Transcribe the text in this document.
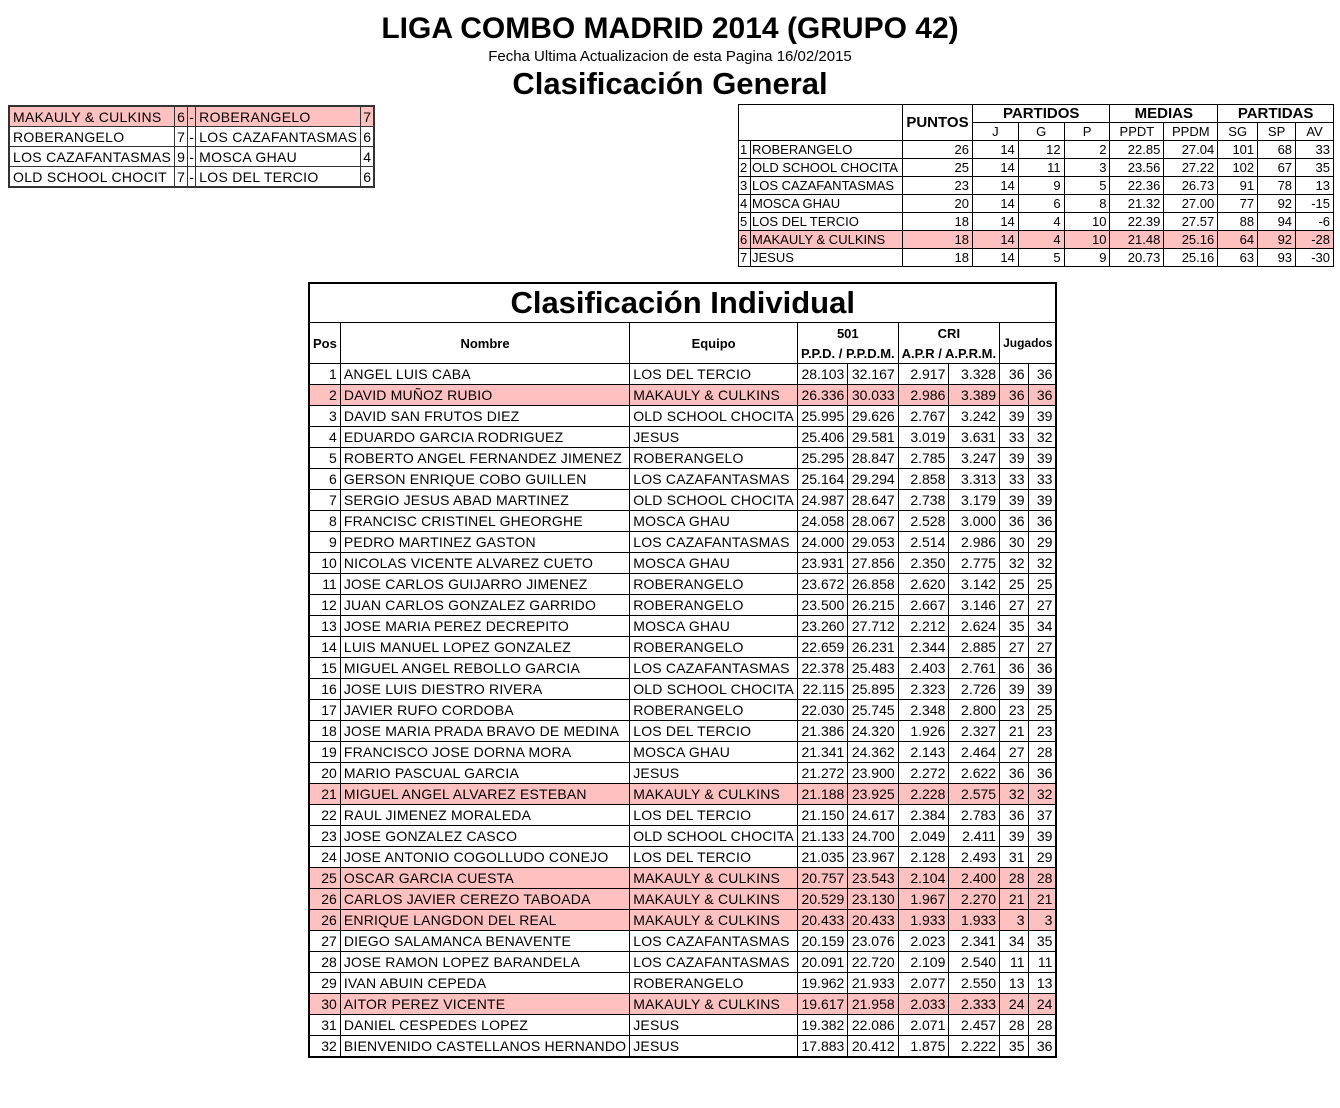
LIGA COMBO MADRID 2014 (GRUPO 42)
Fecha Ultima Actualizacion de esta Pagina 16/02/2015
Clasificación General
MAKAULY & CULKINS	6	-	ROBERANGELO	7
ROBERANGELO	7	-	LOS CAZAFANTASMAS	6
LOS CAZAFANTASMAS	9	-	MOSCA GHAU	4
OLD SCHOOL CHOCIT	7	-	LOS DEL TERCIO	6
		PUNTOS	PARTIDOS			MEDIAS		PARTIDAS		
			J	G	P	PPDT	PPDM	SG	SP	AV
1	ROBERANGELO	26	14	12	2	22.85	27.04	101	68	33
2	OLD SCHOOL CHOCITA	25	14	11	3	23.56	27.22	102	67	35
3	LOS CAZAFANTASMAS	23	14	9	5	22.36	26.73	91	78	13
4	MOSCA GHAU	20	14	6	8	21.32	27.00	77	92	-15
5	LOS DEL TERCIO	18	14	4	10	22.39	27.57	88	94	-6
6	MAKAULY & CULKINS	18	14	4	10	21.48	25.16	64	92	-28
7	JESUS	18	14	5	9	20.73	25.16	63	93	-30
Clasificación Individual								
Pos	Nombre	Equipo	501		CRI		Jugados	
			P.P.D. / P.P.D.M.		A.P.R / A.P.R.M.			
1	ANGEL LUIS CABA	LOS DEL TERCIO	28.103	32.167	2.917	3.328	36	36
2	DAVID MUÑOZ RUBIO	MAKAULY & CULKINS	26.336	30.033	2.986	3.389	36	36
3	DAVID SAN FRUTOS DIEZ	OLD SCHOOL CHOCITA	25.995	29.626	2.767	3.242	39	39
4	EDUARDO GARCIA RODRIGUEZ	JESUS	25.406	29.581	3.019	3.631	33	32
5	ROBERTO ANGEL FERNANDEZ JIMENEZ	ROBERANGELO	25.295	28.847	2.785	3.247	39	39
6	GERSON ENRIQUE COBO GUILLEN	LOS CAZAFANTASMAS	25.164	29.294	2.858	3.313	33	33
7	SERGIO JESUS ABAD MARTINEZ	OLD SCHOOL CHOCITA	24.987	28.647	2.738	3.179	39	39
8	FRANCISC CRISTINEL GHEORGHE	MOSCA GHAU	24.058	28.067	2.528	3.000	36	36
9	PEDRO MARTINEZ GASTON	LOS CAZAFANTASMAS	24.000	29.053	2.514	2.986	30	29
10	NICOLAS VICENTE ALVAREZ CUETO	MOSCA GHAU	23.931	27.856	2.350	2.775	32	32
11	JOSE CARLOS GUIJARRO JIMENEZ	ROBERANGELO	23.672	26.858	2.620	3.142	25	25
12	JUAN CARLOS GONZALEZ GARRIDO	ROBERANGELO	23.500	26.215	2.667	3.146	27	27
13	JOSE MARIA PEREZ DECREPITO	MOSCA GHAU	23.260	27.712	2.212	2.624	35	34
14	LUIS MANUEL LOPEZ GONZALEZ	ROBERANGELO	22.659	26.231	2.344	2.885	27	27
15	MIGUEL ANGEL REBOLLO GARCIA	LOS CAZAFANTASMAS	22.378	25.483	2.403	2.761	36	36
16	JOSE LUIS DIESTRO RIVERA	OLD SCHOOL CHOCITA	22.115	25.895	2.323	2.726	39	39
17	JAVIER RUFO CORDOBA	ROBERANGELO	22.030	25.745	2.348	2.800	23	25
18	JOSE MARIA PRADA BRAVO DE MEDINA	LOS DEL TERCIO	21.386	24.320	1.926	2.327	21	23
19	FRANCISCO JOSE DORNA MORA	MOSCA GHAU	21.341	24.362	2.143	2.464	27	28
20	MARIO PASCUAL GARCIA	JESUS	21.272	23.900	2.272	2.622	36	36
21	MIGUEL ANGEL ALVAREZ ESTEBAN	MAKAULY & CULKINS	21.188	23.925	2.228	2.575	32	32
22	RAUL JIMENEZ MORALEDA	LOS DEL TERCIO	21.150	24.617	2.384	2.783	36	37
23	JOSE GONZALEZ CASCO	OLD SCHOOL CHOCITA	21.133	24.700	2.049	2.411	39	39
24	JOSE ANTONIO COGOLLUDO CONEJO	LOS DEL TERCIO	21.035	23.967	2.128	2.493	31	29
25	OSCAR GARCIA CUESTA	MAKAULY & CULKINS	20.757	23.543	2.104	2.400	28	28
26	CARLOS JAVIER CEREZO TABOADA	MAKAULY & CULKINS	20.529	23.130	1.967	2.270	21	21
26	ENRIQUE LANGDON DEL REAL	MAKAULY & CULKINS	20.433	20.433	1.933	1.933	3	3
27	DIEGO SALAMANCA BENAVENTE	LOS CAZAFANTASMAS	20.159	23.076	2.023	2.341	34	35
28	JOSE RAMON LOPEZ BARANDELA	LOS CAZAFANTASMAS	20.091	22.720	2.109	2.540	11	11
29	IVAN ABUIN CEPEDA	ROBERANGELO	19.962	21.933	2.077	2.550	13	13
30	AITOR PEREZ VICENTE	MAKAULY & CULKINS	19.617	21.958	2.033	2.333	24	24
31	DANIEL CESPEDES LOPEZ	JESUS	19.382	22.086	2.071	2.457	28	28
32	BIENVENIDO CASTELLANOS HERNANDO	JESUS	17.883	20.412	1.875	2.222	35	36
